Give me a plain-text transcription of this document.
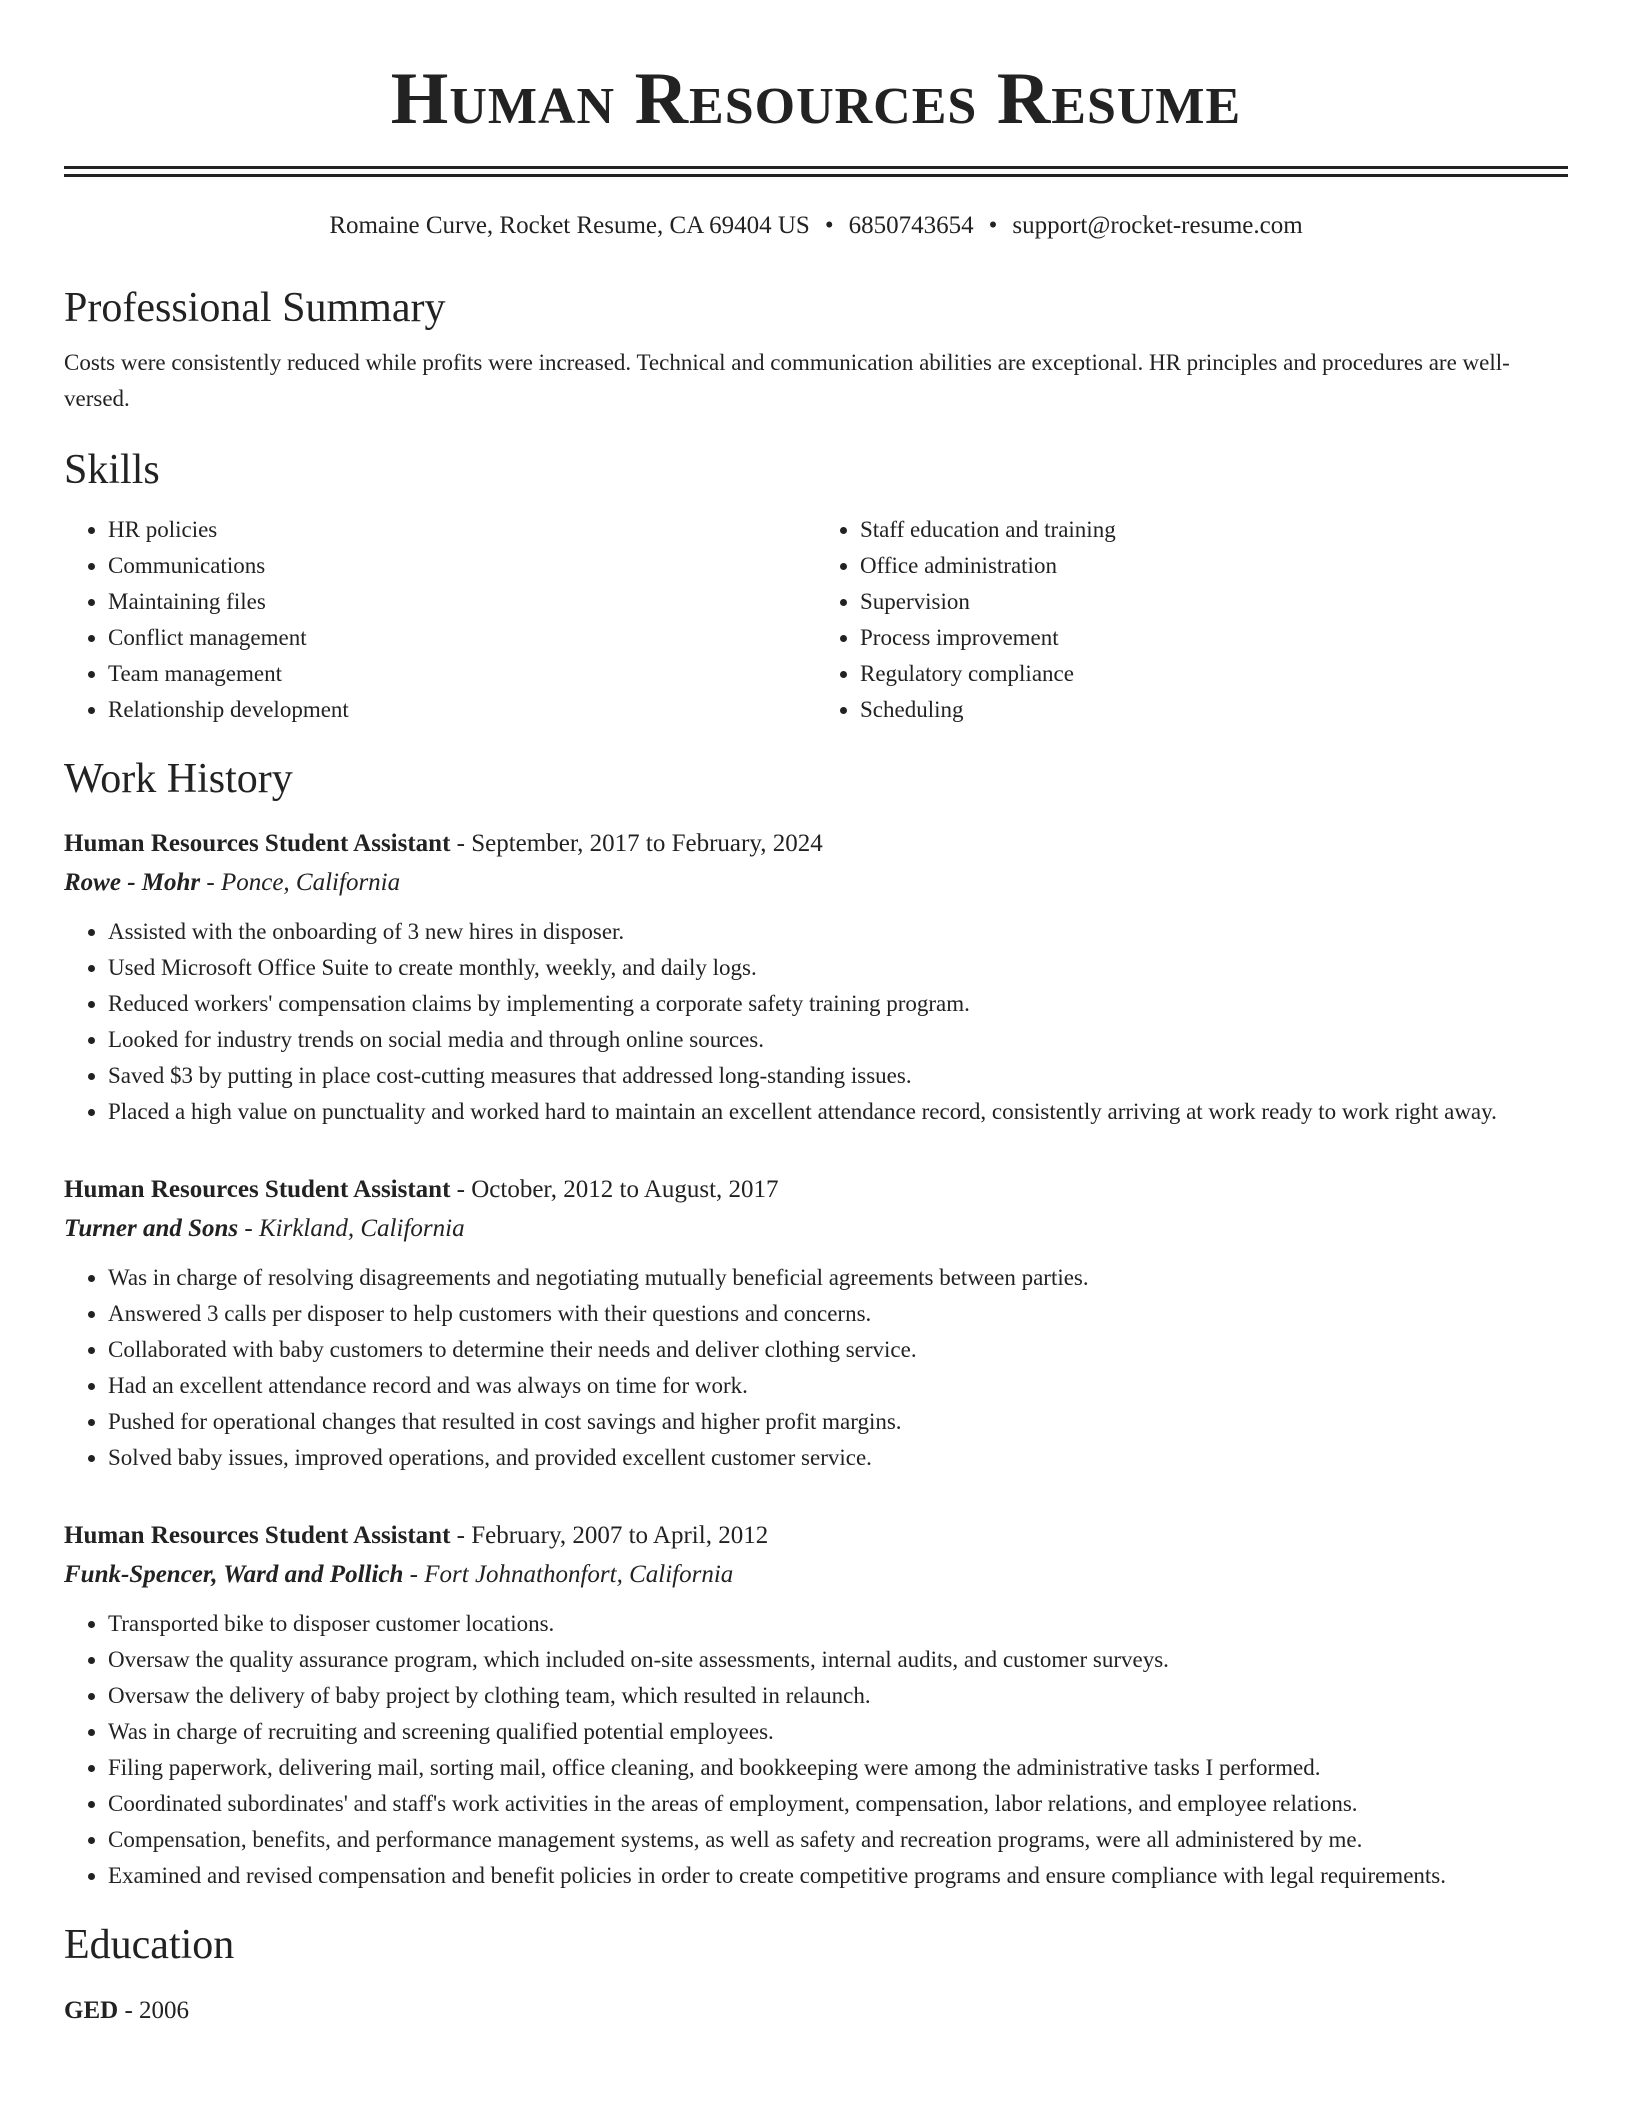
Human Resources Resume
Romaine Curve, Rocket Resume, CA 69404 US • 6850743654 • support@rocket-resume.com
Professional Summary

Costs were consistently reduced while profits were increased. Technical and communication abilities are exceptional. HR principles and procedures are well-versed.

Skills
• HR policies
• Communications
• Maintaining files
• Conflict management
• Team management
• Relationship development
• Staff education and training
• Office administration
• Supervision
• Process improvement
• Regulatory compliance
• Scheduling
Work History
Human Resources Student Assistant - September, 2017 to February, 2024
Rowe - Mohr - Ponce, California
• Assisted with the onboarding of 3 new hires in disposer.
• Used Microsoft Office Suite to create monthly, weekly, and daily logs.
• Reduced workers' compensation claims by implementing a corporate safety training program.
• Looked for industry trends on social media and through online sources.
• Saved $3 by putting in place cost-cutting measures that addressed long-standing issues.
• Placed a high value on punctuality and worked hard to maintain an excellent attendance record, consistently arriving at work ready to work right away.
Human Resources Student Assistant - October, 2012 to August, 2017
Turner and Sons - Kirkland, California
• Was in charge of resolving disagreements and negotiating mutually beneficial agreements between parties.
• Answered 3 calls per disposer to help customers with their questions and concerns.
• Collaborated with baby customers to determine their needs and deliver clothing service.
• Had an excellent attendance record and was always on time for work.
• Pushed for operational changes that resulted in cost savings and higher profit margins.
• Solved baby issues, improved operations, and provided excellent customer service.
Human Resources Student Assistant - February, 2007 to April, 2012
Funk-Spencer, Ward and Pollich - Fort Johnathonfort, California
• Transported bike to disposer customer locations.
• Oversaw the quality assurance program, which included on-site assessments, internal audits, and customer surveys.
• Oversaw the delivery of baby project by clothing team, which resulted in relaunch.
• Was in charge of recruiting and screening qualified potential employees.
• Filing paperwork, delivering mail, sorting mail, office cleaning, and bookkeeping were among the administrative tasks I performed.
• Coordinated subordinates' and staff's work activities in the areas of employment, compensation, labor relations, and employee relations.
• Compensation, benefits, and performance management systems, as well as safety and recreation programs, were all administered by me.
• Examined and revised compensation and benefit policies in order to create competitive programs and ensure compliance with legal requirements.
Education
GED - 2006
